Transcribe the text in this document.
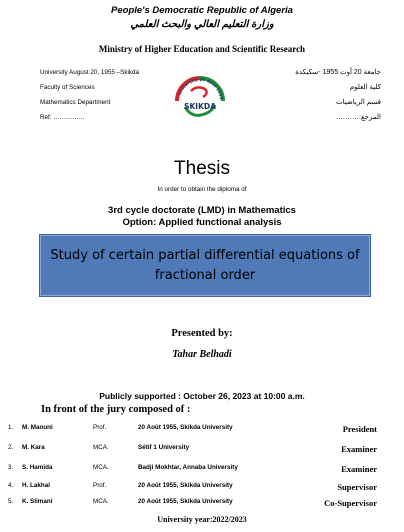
People's Democratic Republic of Algeria
وزارة التعليم العالي والبحث العلمي
Ministry of Higher Education and Scientific Research
University August 20, 1955 –Skikda
Faculty of Sciences
Mathematics Department
Ref: ……………
جامعة 20 أوت 1955 -سكيكدة
كلية العلوم
قسم الرياضيات
المرجع:……….
Université 20 Août 1955
SKIKDA
Thesis
In order to obtain the diploma of
3rd cycle doctorate (LMD) in Mathematics
Option: Applied functional analysis
Study of certain partial differential equations of fractional order
Presented by:
Tahar Belhadi
Publicly supported : October 26, 2023 at 10:00 a.m.
In front of the jury composed of :
1. M. Maouni	Prof.	20 Août 1955, Skikda University	President
2. M. Kara	MCA.	Sétif 1 University	Examiner
3. S. Hamida	MCA.	Badji Mokhtar, Annaba University	Examiner
4. H. Lakhal	Prof.	20 Août 1955, Skikda University	Supervisor
5. K. Slimani	MCA.	20 Août 1955, Skikda University	Co-Supervisor
University year:2022/2023
